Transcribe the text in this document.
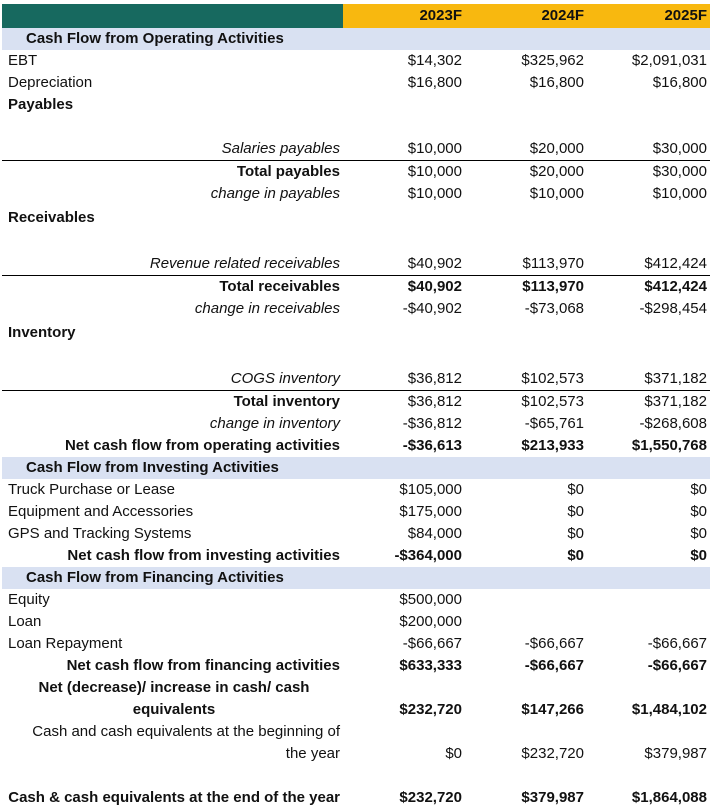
	2023F	2024F	2025F
Cash Flow from Operating Activities			
EBT	$14,302	$325,962	$2,091,031
Depreciation	$16,800	$16,800	$16,800
Payables			

Salaries payables	$10,000	$20,000	$30,000
Total payables	$10,000	$20,000	$30,000
change in payables	$10,000	$10,000	$10,000
Receivables			

Revenue related receivables	$40,902	$113,970	$412,424
Total receivables	$40,902	$113,970	$412,424
change in receivables	-$40,902	-$73,068	-$298,454
Inventory			

COGS inventory	$36,812	$102,573	$371,182
Total inventory	$36,812	$102,573	$371,182
change in inventory	-$36,812	-$65,761	-$268,608
Net cash flow from operating activities	-$36,613	$213,933	$1,550,768
Cash Flow from Investing Activities			
Truck Purchase or Lease	$105,000	$0	$0
Equipment and Accessories	$175,000	$0	$0
GPS and Tracking Systems	$84,000	$0	$0
Net cash flow from investing activities	-$364,000	$0	$0
Cash Flow from Financing Activities			
Equity	$500,000		
Loan	$200,000		
Loan Repayment	-$66,667	-$66,667	-$66,667
Net cash flow from financing activities	$633,333	-$66,667	-$66,667
Net (decrease)/ increase in cash/ cash equivalents	$232,720	$147,266	$1,484,102
Cash and cash equivalents at the beginning of the year	$0	$232,720	$379,987
Cash & cash equivalents at the end of the year	$232,720	$379,987	$1,864,088
